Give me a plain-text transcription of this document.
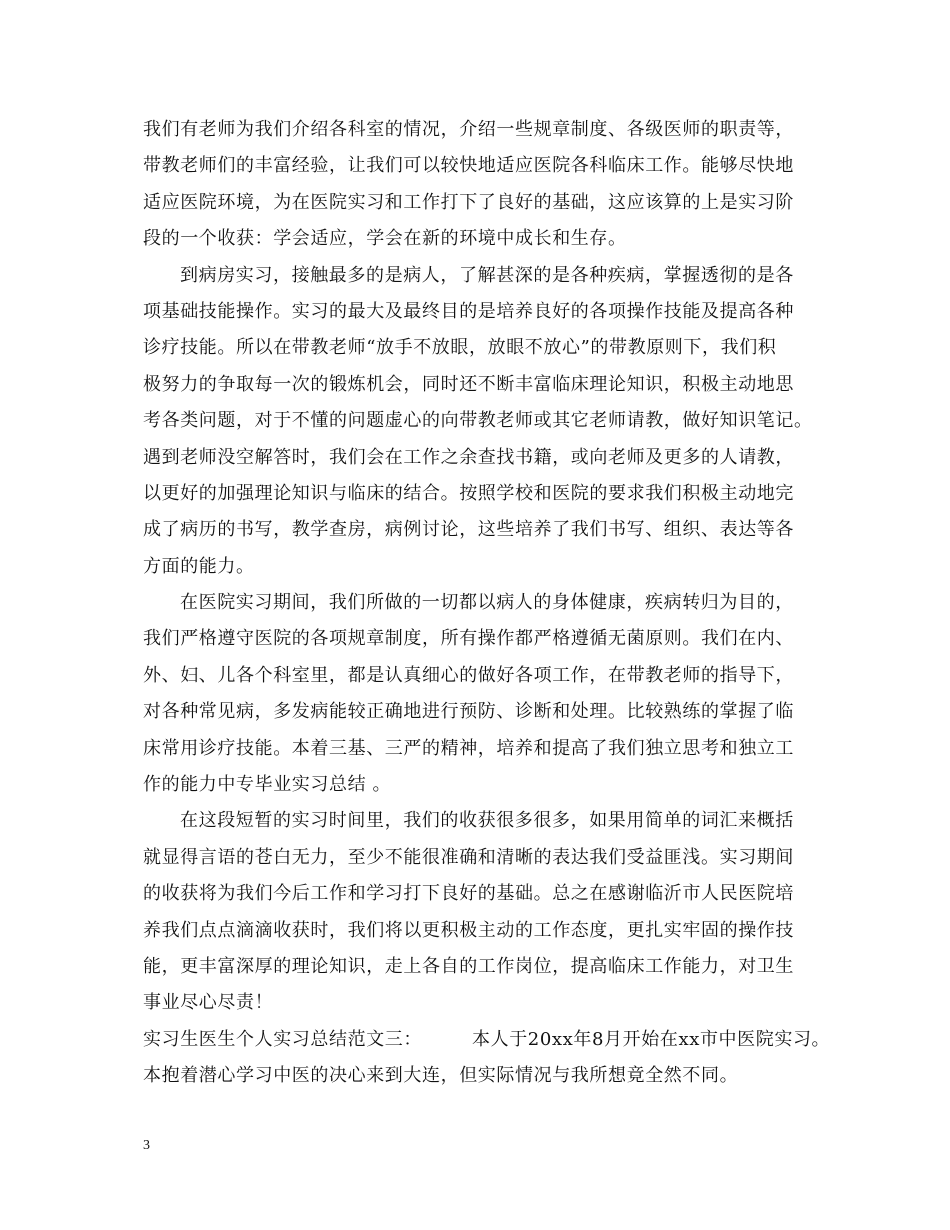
我们有老师为我们介绍各科室的情况，介绍一些规章制度、各级医师的职责等，
带教老师们的丰富经验，让我们可以较快地适应医院各科临床工作。能够尽快地
适应医院环境，为在医院实习和工作打下了良好的基础，这应该算的上是实习阶
段的一个收获：学会适应，学会在新的环境中成长和生存。
到病房实习，接触最多的是病人，了解甚深的是各种疾病，掌握透彻的是各
项基础技能操作。实习的最大及最终目的是培养良好的各项操作技能及提高各种
诊疗技能。所以在带教老师“放手不放眼，放眼不放心”的带教原则下，我们积
极努力的争取每一次的锻炼机会，同时还不断丰富临床理论知识，积极主动地思
考各类问题，对于不懂的问题虚心的向带教老师或其它老师请教，做好知识笔记。
遇到老师没空解答时，我们会在工作之余查找书籍，或向老师及更多的人请教，
以更好的加强理论知识与临床的结合。按照学校和医院的要求我们积极主动地完
成了病历的书写，教学查房，病例讨论，这些培养了我们书写、组织、表达等各
方面的能力。
在医院实习期间，我们所做的一切都以病人的身体健康，疾病转归为目的，
我们严格遵守医院的各项规章制度，所有操作都严格遵循无菌原则。我们在内、
外、妇、儿各个科室里，都是认真细心的做好各项工作，在带教老师的指导下，
对各种常见病，多发病能较正确地进行预防、诊断和处理。比较熟练的掌握了临
床常用诊疗技能。本着三基、三严的精神，培养和提高了我们独立思考和独立工
作的能力中专毕业实习总结 。
在这段短暂的实习时间里，我们的收获很多很多，如果用简单的词汇来概括
就显得言语的苍白无力，至少不能很准确和清晰的表达我们受益匪浅。实习期间
的收获将为我们今后工作和学习打下良好的基础。总之在感谢临沂市人民医院培
养我们点点滴滴收获时，我们将以更积极主动的工作态度，更扎实牢固的操作技
能，更丰富深厚的理论知识，走上各自的工作岗位，提高临床工作能力，对卫生
事业尽心尽责！
实习生医生个人实习总结范文三：	本人于20xx年8月开始在xx市中医院实习。
本抱着潜心学习中医的决心来到大连，但实际情况与我所想竟全然不同。
3
